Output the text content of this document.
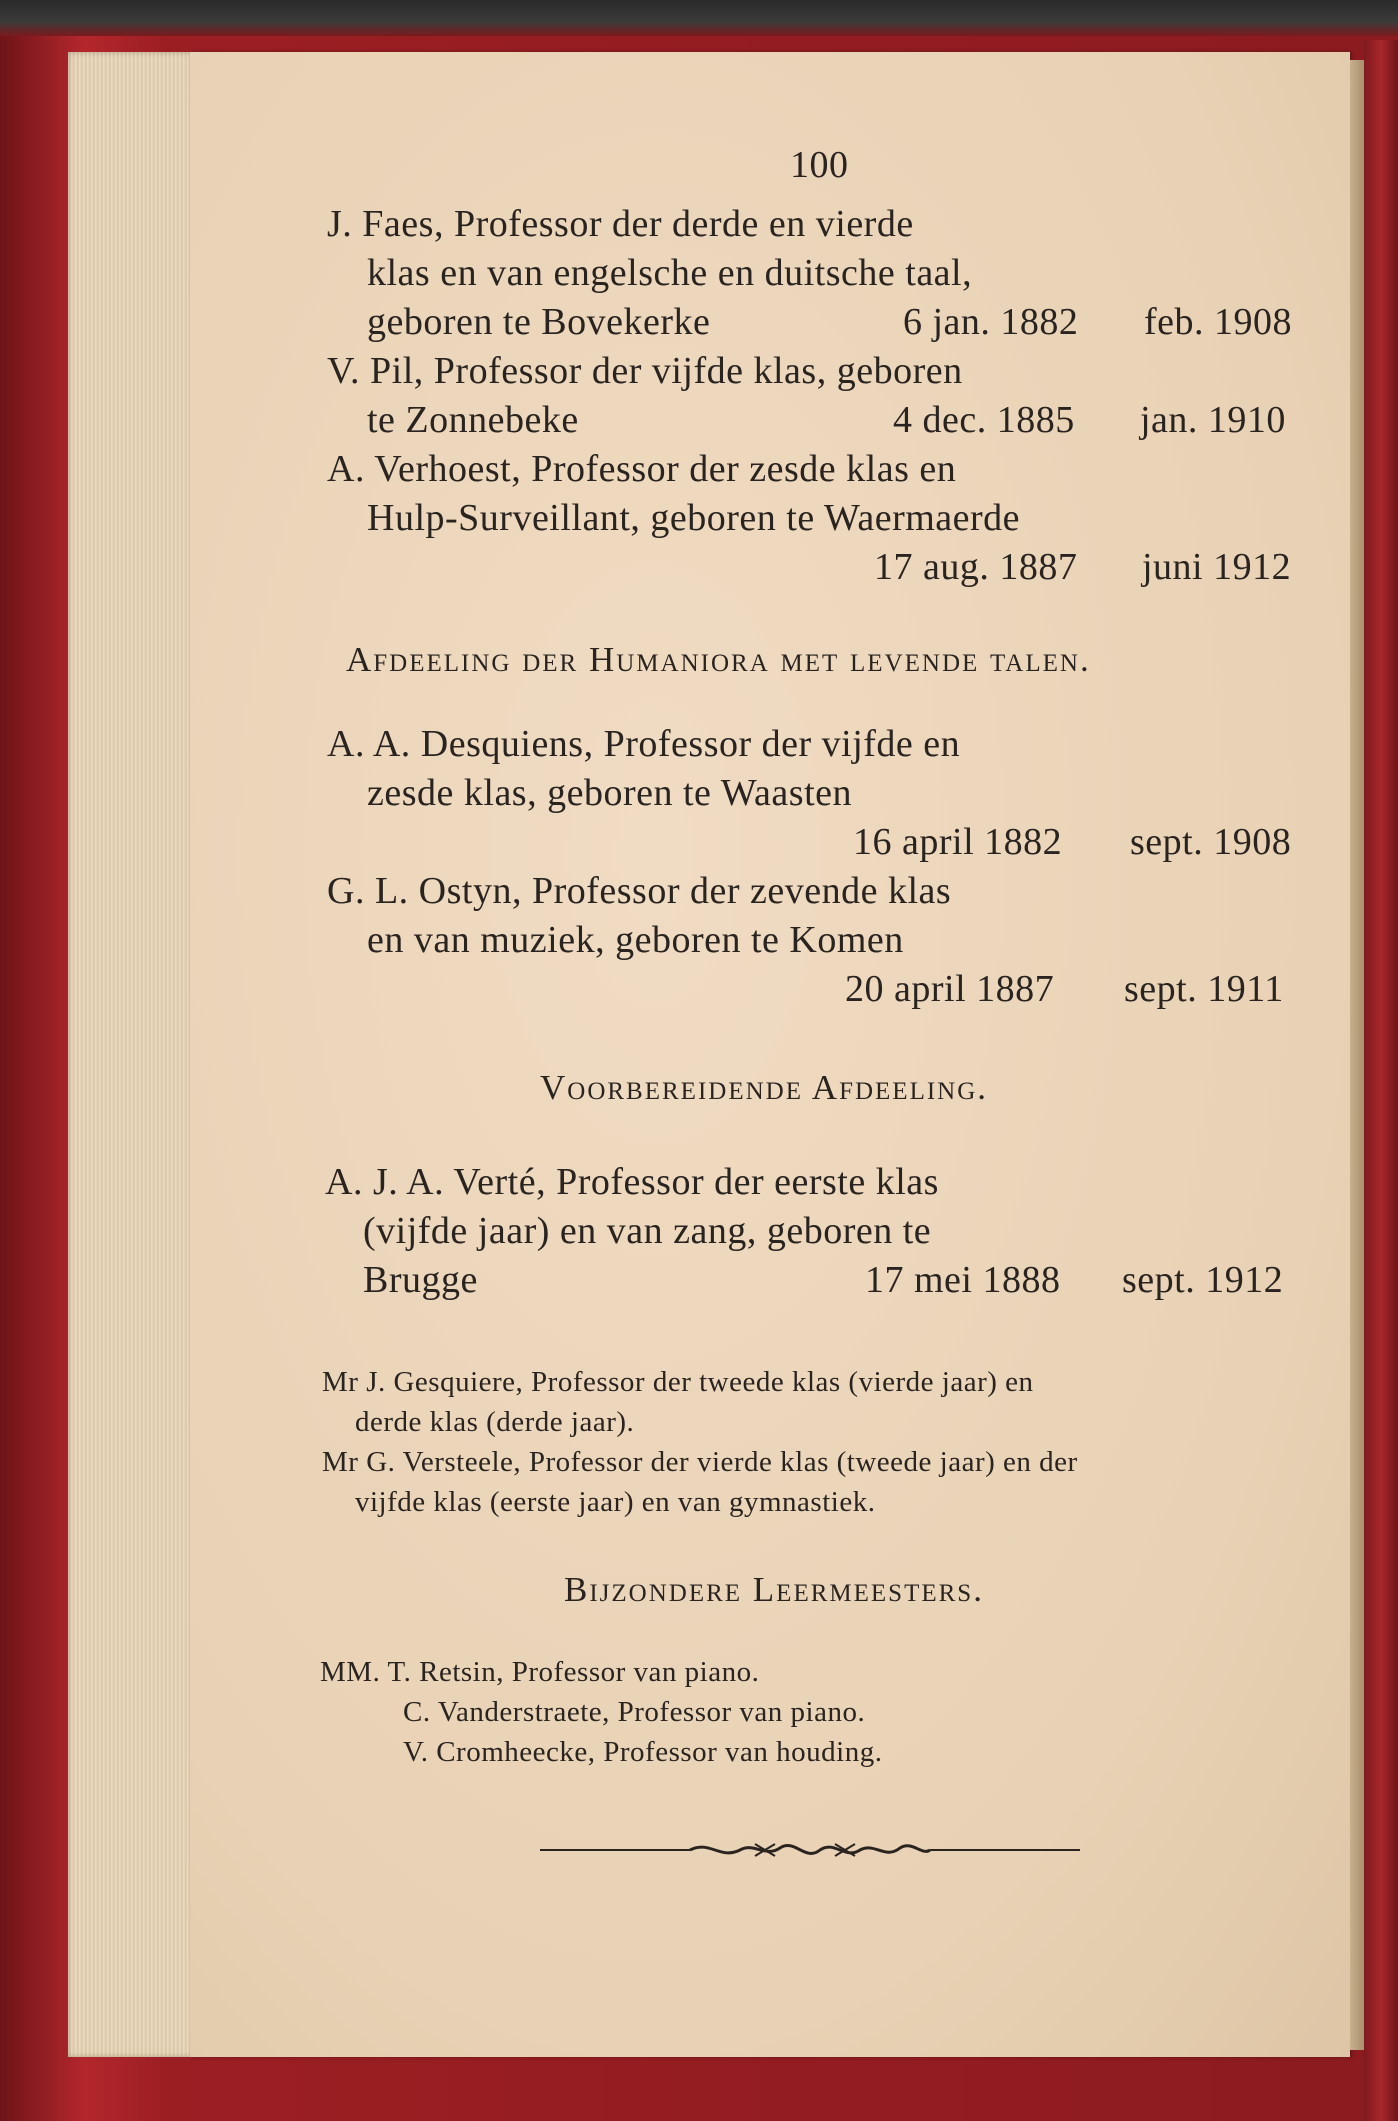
100
J. Faes, Professor der derde en vierde
klas en van engelsche en duitsche taal,
geboren te Bovekerke	6 jan. 1882 feb. 1908
V. Pil, Professor der vijfde klas, geboren
te Zonnebeke	4 dec. 1885 jan. 1910
A. Verhoest, Professor der zesde klas en
Hulp-Surveillant, geboren te Waermaerde
17 aug. 1887 juni 1912
Afdeeling der Humaniora met levende talen.
A. A. Desquiens, Professor der vijfde en
zesde klas, geboren te Waasten
16 april 1882 sept. 1908
G. L. Ostyn, Professor der zevende klas
en van muziek, geboren te Komen
20 april 1887 sept. 1911
Voorbereidende Afdeeling.
A. J. A. Verté, Professor der eerste klas
(vijfde jaar) en van zang, geboren te
Brugge	17 mei 1888 sept. 1912
Mr J. Gesquiere, Professor der tweede klas (vierde jaar) en
derde klas (derde jaar).
Mr G. Versteele, Professor der vierde klas (tweede jaar) en der
vijfde klas (eerste jaar) en van gymnastiek.
Bijzondere Leermeesters.
MM. T. Retsin, Professor van piano.
C. Vanderstraete, Professor van piano.
V. Cromheecke, Professor van houding.
